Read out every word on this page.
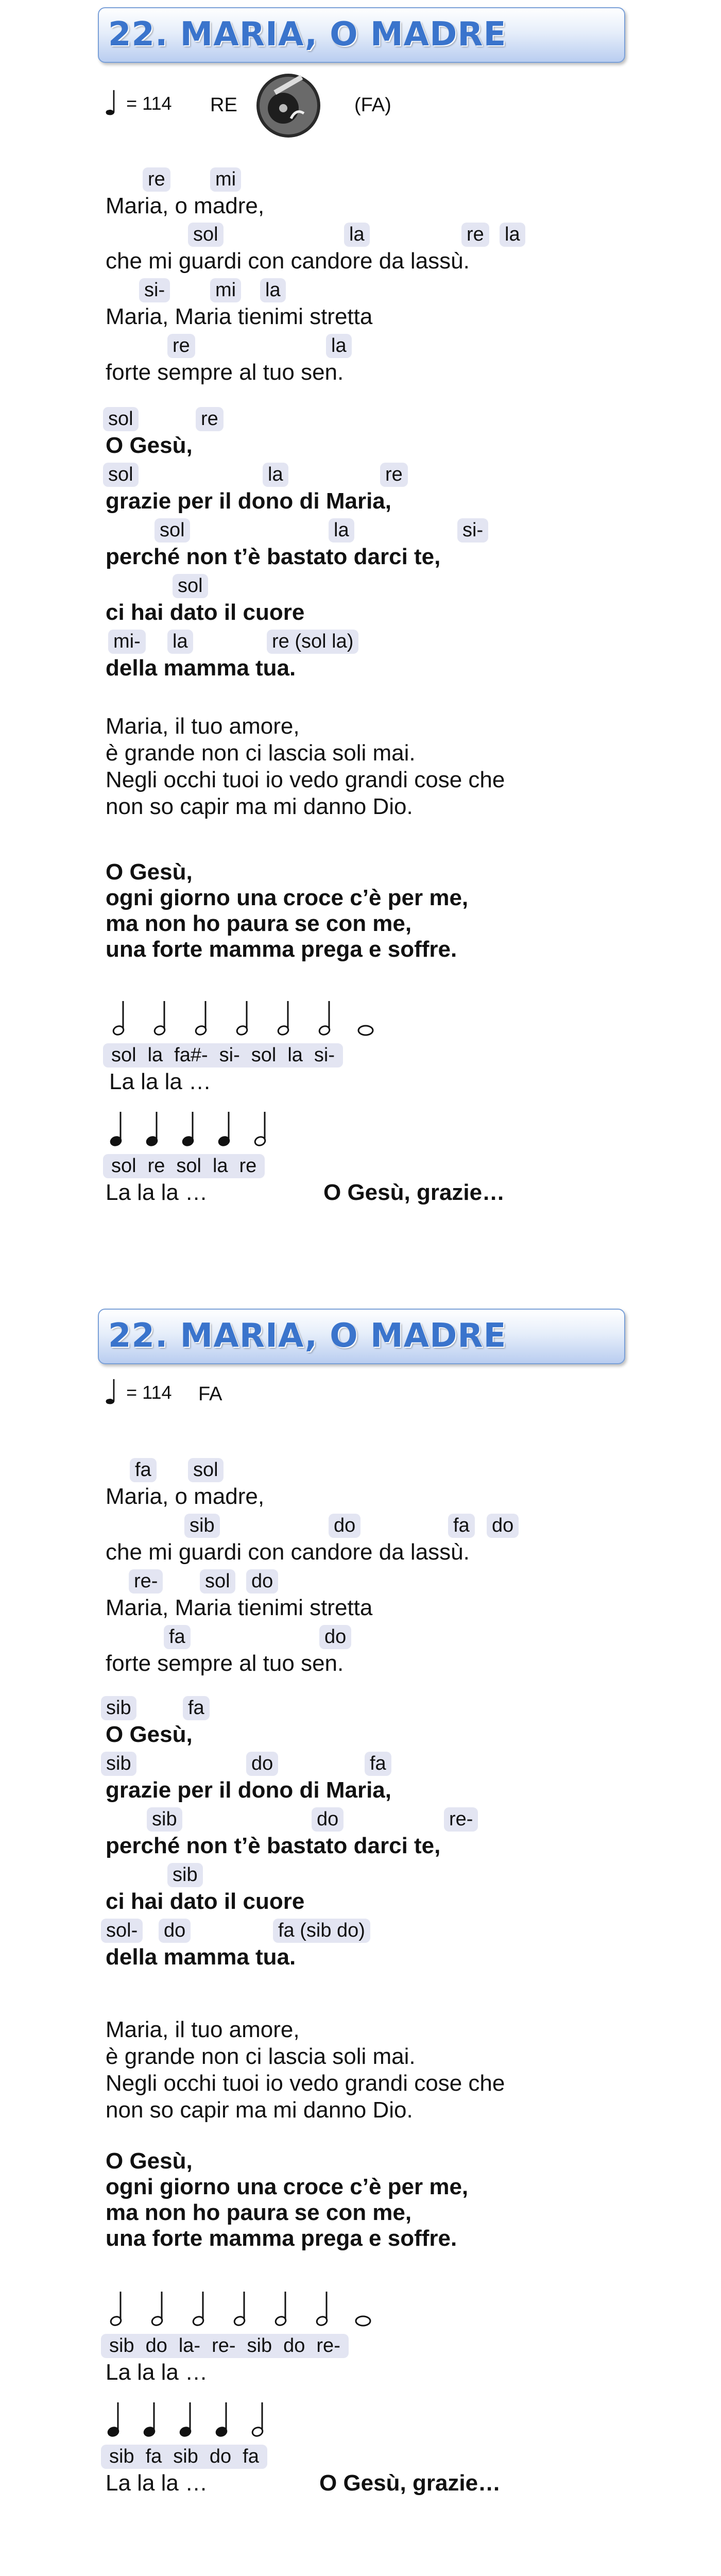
22. MARIA, O MADRE
♩ = 114 RE	(FA)
re	mi
Maria, o madre,
sol	la	re la
che mi guardi con candore da lassù.
si-	mi la
Maria, Maria tienimi stretta
re	la
forte sempre al tuo sen.
sol	re
O Gesù,
sol	la	re
grazie per il dono di Maria,
sol	la	si-
perché non t’è bastato darci te,
sol
ci hai dato il cuore
mi- la	re (sol la)
della mamma tua.
Maria, il tuo amore,
è grande non ci lascia soli mai.
Negli occhi tuoi io vedo grandi cose che
non so capir ma mi danno Dio.
O Gesù,
ogni giorno una croce c’è per me,
ma non ho paura se con me,
una forte mamma prega e soffre.
sol la fa#- si- sol la si-
La la la …
sol re sol la re
La la la …	O Gesù, grazie…
22. MARIA, O MADRE
♩ = 114 FA
fa sol
Maria, o madre,
sib	do	fa do
che mi guardi con candore da lassù.
re- sol do
Maria, Maria tienimi stretta
fa	do
forte sempre al tuo sen.
sib	fa
O Gesù,
sib	do	fa
grazie per il dono di Maria,
sib	do	re-
perché non t’è bastato darci te,
sib
ci hai dato il cuore
sol- do	fa (sib do)
della mamma tua.
Maria, il tuo amore,
è grande non ci lascia soli mai.
Negli occhi tuoi io vedo grandi cose che
non so capir ma mi danno Dio.
O Gesù,
ogni giorno una croce c’è per me,
ma non ho paura se con me,
una forte mamma prega e soffre.
sib do la- re- sib do re-
La la la …
sib fa sib do fa
La la la …	O Gesù, grazie…
